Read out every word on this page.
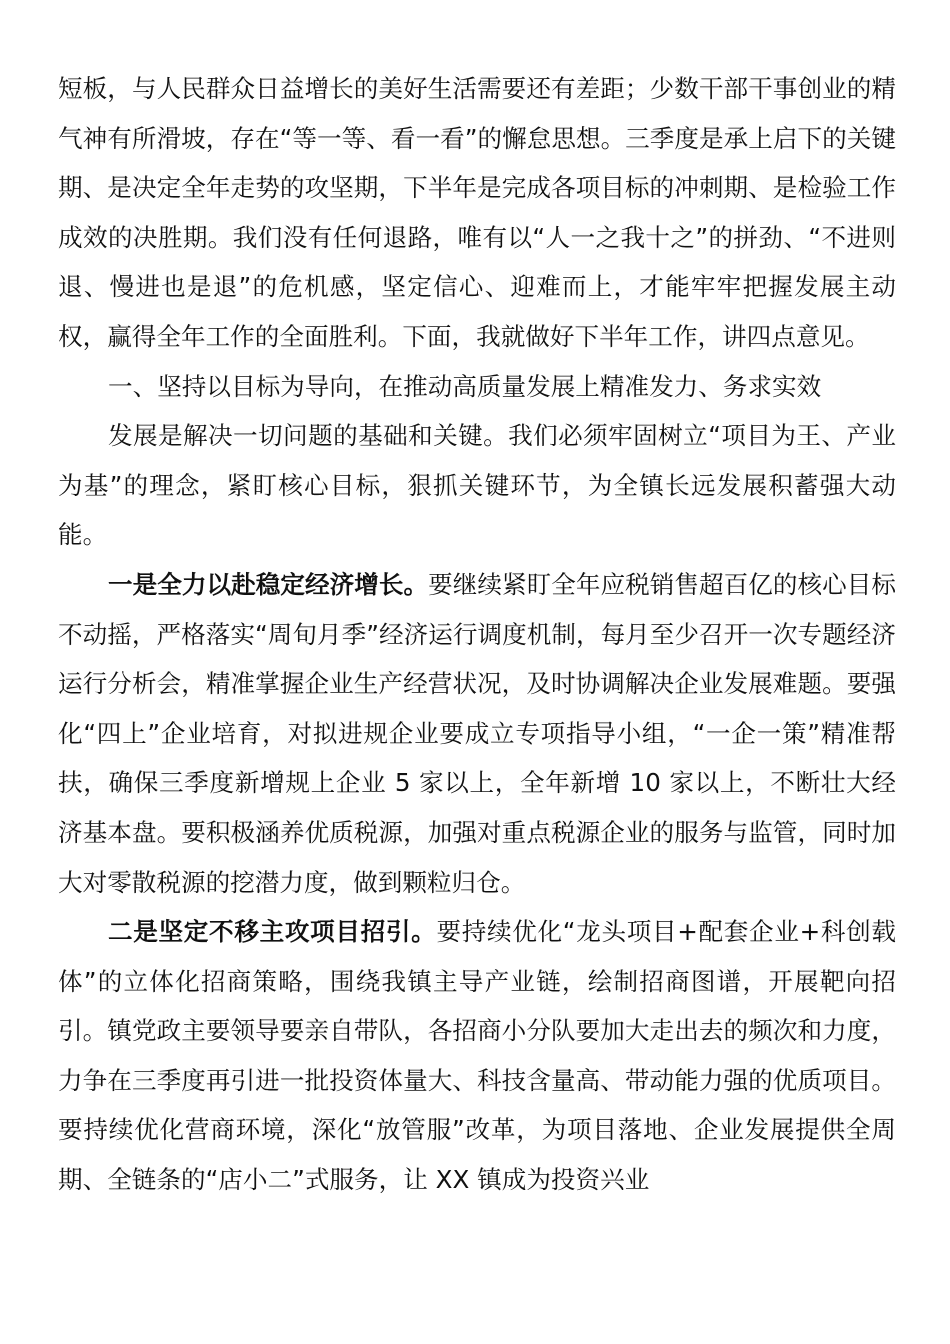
短板，与人民群众日益增长的美好生活需要还有差距；少数干部干事创业的精气神有所滑坡，存在“等一等、看一看”的懈怠思想。三季度是承上启下的关键期、是决定全年走势的攻坚期，下半年是完成各项目标的冲刺期、是检验工作成效的决胜期。我们没有任何退路，唯有以“人一之我十之”的拼劲、“不进则退、慢进也是退”的危机感，坚定信心、迎难而上，才能牢牢把握发展主动权，赢得全年工作的全面胜利。下面，我就做好下半年工作，讲四点意见。

一、坚持以目标为导向，在推动高质量发展上精准发力、务求实效

发展是解决一切问题的基础和关键。我们必须牢固树立“项目为王、产业为基”的理念，紧盯核心目标，狠抓关键环节，为全镇长远发展积蓄强大动能。

一是全力以赴稳定经济增长。要继续紧盯全年应税销售超百亿的核心目标不动摇，严格落实“周旬月季”经济运行调度机制，每月至少召开一次专题经济运行分析会，精准掌握企业生产经营状况，及时协调解决企业发展难题。要强化“四上”企业培育，对拟进规企业要成立专项指导小组，“一企一策”精准帮扶，确保三季度新增规上企业 5 家以上，全年新增 10 家以上，不断壮大经济基本盘。要积极涵养优质税源，加强对重点税源企业的服务与监管，同时加大对零散税源的挖潜力度，做到颗粒归仓。

二是坚定不移主攻项目招引。要持续优化“龙头项目+配套企业+科创载体”的立体化招商策略，围绕我镇主导产业链，绘制招商图谱，开展靶向招引。镇党政主要领导要亲自带队，各招商小分队要加大走出去的频次和力度，力争在三季度再引进一批投资体量大、科技含量高、带动能力强的优质项目。要持续优化营商环境，深化“放管服”改革，为项目落地、企业发展提供全周期、全链条的“店小二”式服务，让 XX 镇成为投资兴业
